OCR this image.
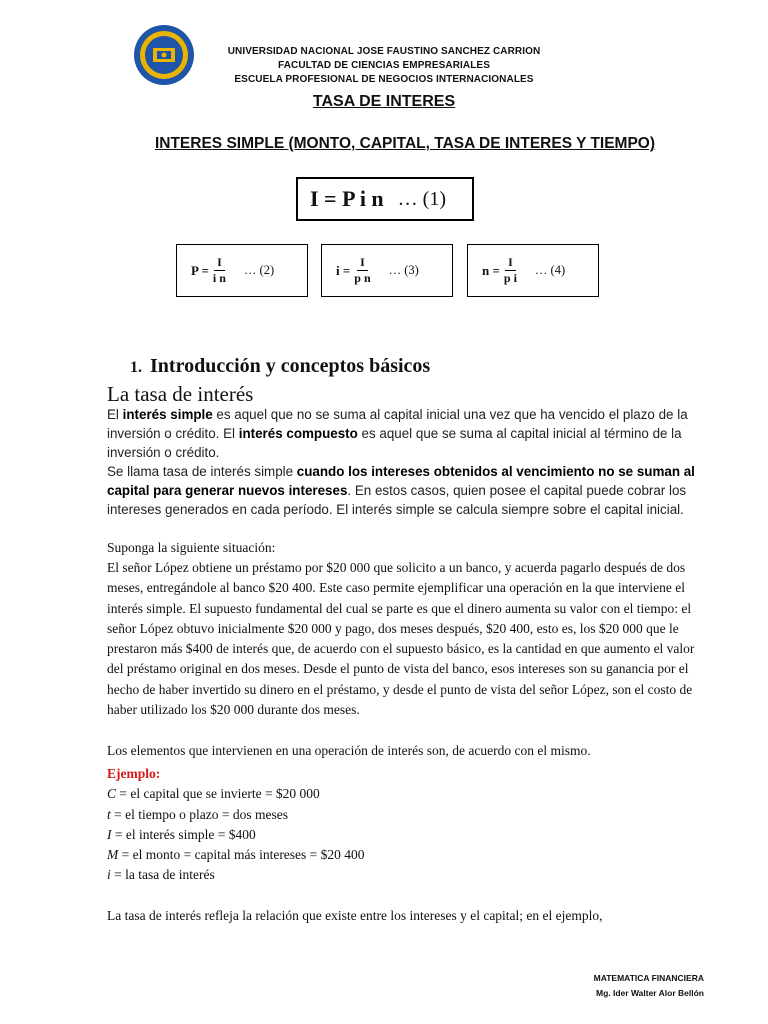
UNIVERSIDAD NACIONAL JOSE FAUSTINO SANCHEZ CARRION
FACULTAD DE CIENCIAS EMPRESARIALES
ESCUELA PROFESIONAL DE NEGOCIOS INTERNACIONALES
TASA DE INTERES
INTERES SIMPLE (MONTO, CAPITAL, TASA DE INTERES Y TIEMPO)
I = P i n … (1)
$P = \frac{I}{\text{i n}}$ … (2)	$i = \frac{I}{\text{p n}}$ … (3)	$n = \frac{I}{\text{p i}}$ … (4)
1. Introducción y conceptos básicos
La tasa de interés
El interés simple es aquel que no se suma al capital inicial una vez que ha vencido el plazo de la inversión o crédito. El interés compuesto es aquel que se suma al capital inicial al término de la inversión o crédito.
Se llama tasa de interés simple cuando los intereses obtenidos al vencimiento no se suman al capital para generar nuevos intereses. En estos casos, quien posee el capital puede cobrar los intereses generados en cada período. El interés simple se calcula siempre sobre el capital inicial.
Suponga la siguiente situación:
El señor López obtiene un préstamo por $20 000 que solicito a un banco, y acuerda pagarlo después de dos meses, entregándole al banco $20 400. Este caso permite ejemplificar una operación en la que interviene el interés simple. El supuesto fundamental del cual se parte es que el dinero aumenta su valor con el tiempo: el señor López obtuvo inicialmente $20 000 y pago, dos meses después, $20 400, esto es, los $20 000 que le prestaron más $400 de interés que, de acuerdo con el supuesto básico, es la cantidad en que aumento el valor del préstamo original en dos meses. Desde el punto de vista del banco, esos intereses son su ganancia por el hecho de haber invertido su dinero en el préstamo, y desde el punto de vista del señor López, son el costo de haber utilizado los $20 000 durante dos meses.
Los elementos que intervienen en una operación de interés son, de acuerdo con el mismo.
Ejemplo:
C = el capital que se invierte = $20 000
t = el tiempo o plazo = dos meses
I = el interés simple = $400
M = el monto = capital más intereses = $20 400
i = la tasa de interés
La tasa de interés refleja la relación que existe entre los intereses y el capital; en el ejemplo,
MATEMATICA FINANCIERA
Mg. Ider Walter Alor Bellón
